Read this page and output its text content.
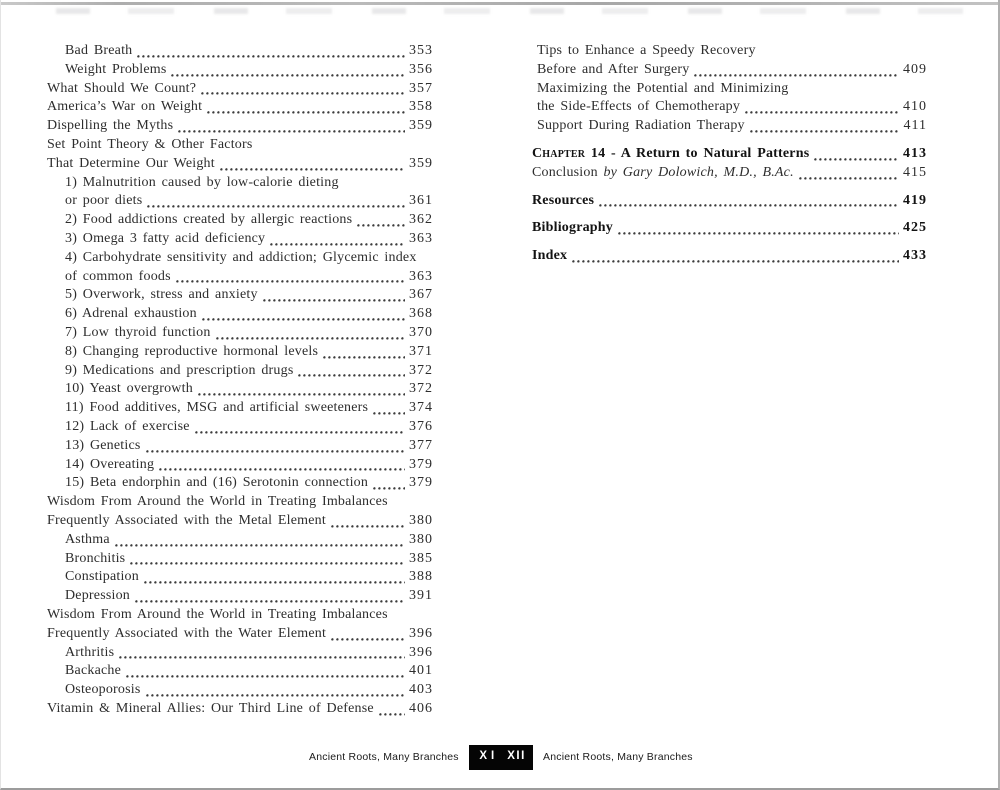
Bad Breath	353
Weight Problems	356
What Should We Count?	357
America’s War on Weight	358
Dispelling the Myths	359
Set Point Theory & Other Factors
That Determine Our Weight	359
1) Malnutrition caused by low-calorie dieting
or poor diets	361
2) Food addictions created by allergic reactions	362
3) Omega 3 fatty acid deficiency	363
4) Carbohydrate sensitivity and addiction; Glycemic index
of common foods	363
5) Overwork, stress and anxiety	367
6) Adrenal exhaustion	368
7) Low thyroid function	370
8) Changing reproductive hormonal levels	371
9) Medications and prescription drugs	372
10) Yeast overgrowth	372
11) Food additives, MSG and artificial sweeteners	374
12) Lack of exercise	376
13) Genetics	377
14) Overeating	379
15) Beta endorphin and (16) Serotonin connection	379
Wisdom From Around the World in Treating Imbalances
Frequently Associated with the Metal Element	380
Asthma	380
Bronchitis	385
Constipation	388
Depression	391
Wisdom From Around the World in Treating Imbalances
Frequently Associated with the Water Element	396
Arthritis	396
Backache	401
Osteoporosis	403
Vitamin & Mineral Allies: Our Third Line of Defense	406
Tips to Enhance a Speedy Recovery
Before and After Surgery	409
Maximizing the Potential and Minimizing
the Side-Effects of Chemotherapy	410
Support During Radiation Therapy	411
Chapter 14 - A Return to Natural Patterns	413
Conclusion by Gary Dolowich, M.D., B.Ac.	415
Resources	419
Bibliography	425
Index	433
Ancient Roots, Many Branches	XI XII	Ancient Roots, Many Branches
